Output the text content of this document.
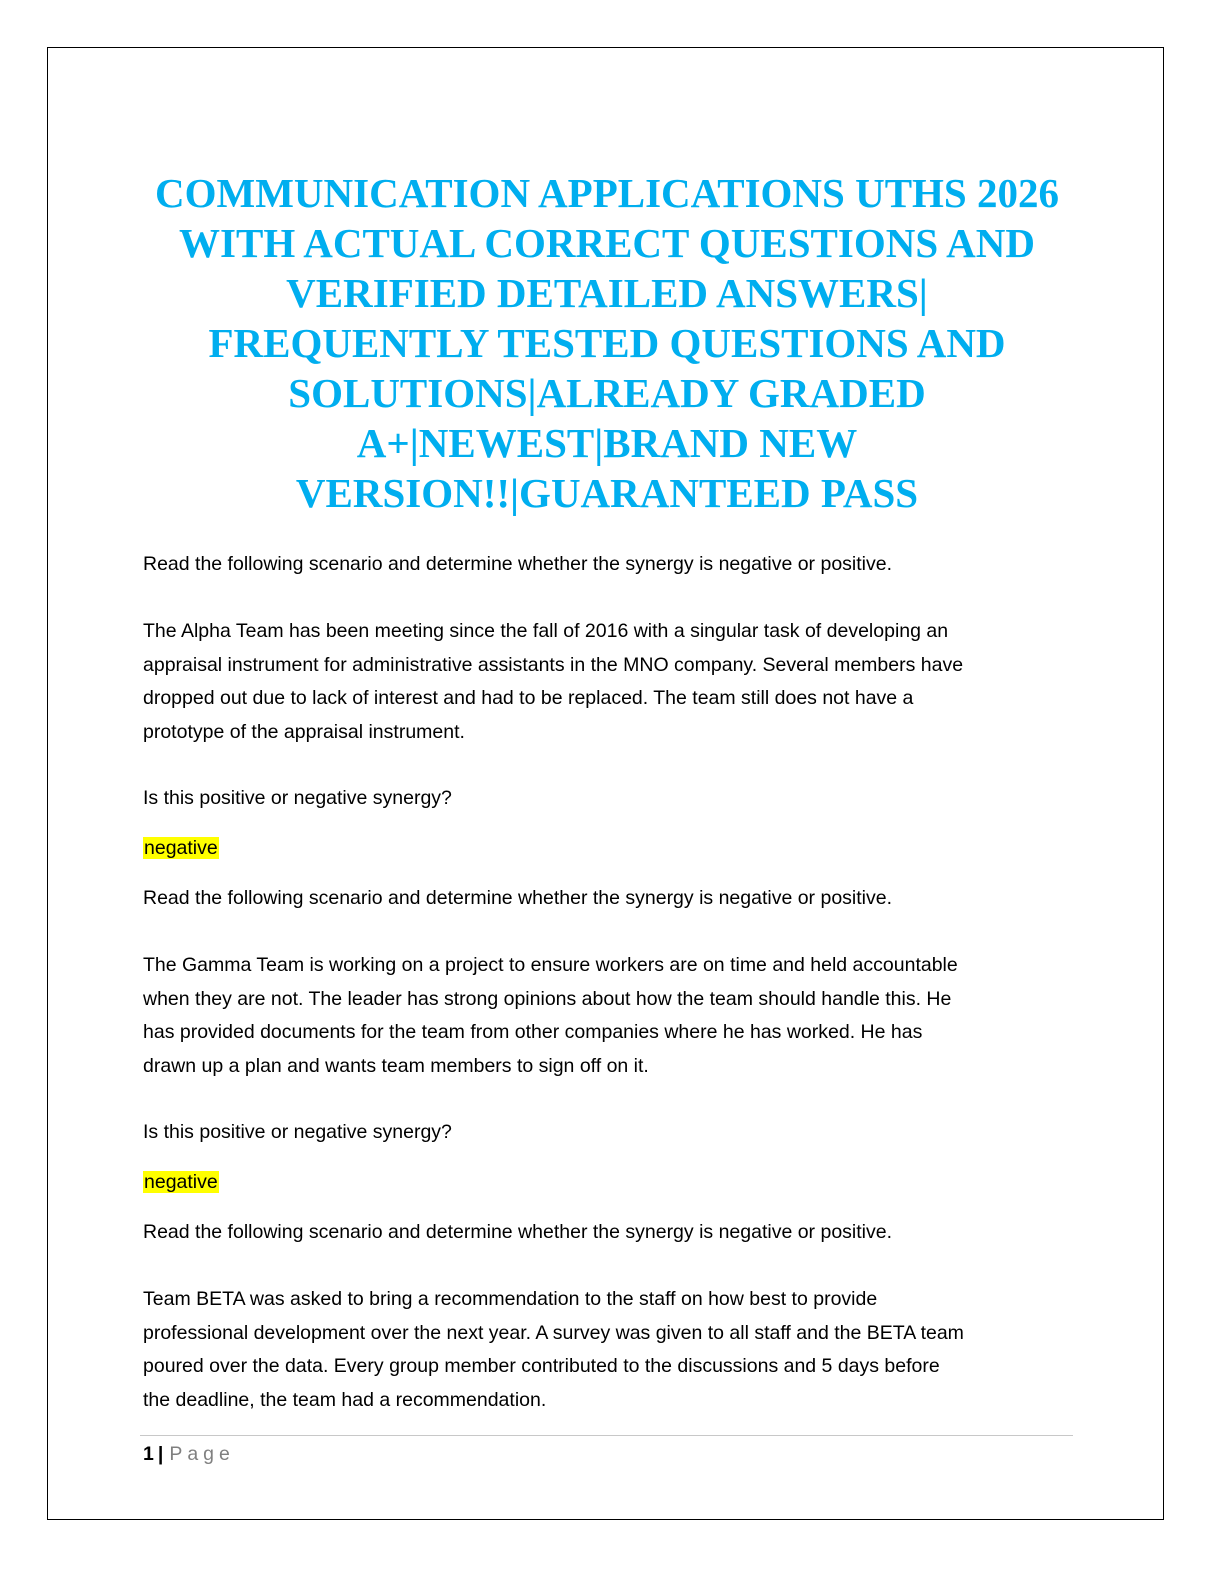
COMMUNICATION APPLICATIONS UTHS 2026
WITH ACTUAL CORRECT QUESTIONS AND
VERIFIED DETAILED ANSWERS|
FREQUENTLY TESTED QUESTIONS AND
SOLUTIONS|ALREADY GRADED
A+|NEWEST|BRAND NEW
VERSION!!|GUARANTEED PASS

Read the following scenario and determine whether the synergy is negative or positive.

The Alpha Team has been meeting since the fall of 2016 with a singular task of developing an
appraisal instrument for administrative assistants in the MNO company. Several members have
dropped out due to lack of interest and had to be replaced. The team still does not have a
prototype of the appraisal instrument.

Is this positive or negative synergy?

negative

Read the following scenario and determine whether the synergy is negative or positive.

The Gamma Team is working on a project to ensure workers are on time and held accountable
when they are not. The leader has strong opinions about how the team should handle this. He
has provided documents for the team from other companies where he has worked. He has
drawn up a plan and wants team members to sign off on it.

Is this positive or negative synergy?

negative

Read the following scenario and determine whether the synergy is negative or positive.

Team BETA was asked to bring a recommendation to the staff on how best to provide
professional development over the next year. A survey was given to all staff and the BETA team
poured over the data. Every group member contributed to the discussions and 5 days before
the deadline, the team had a recommendation.
1 | Page
